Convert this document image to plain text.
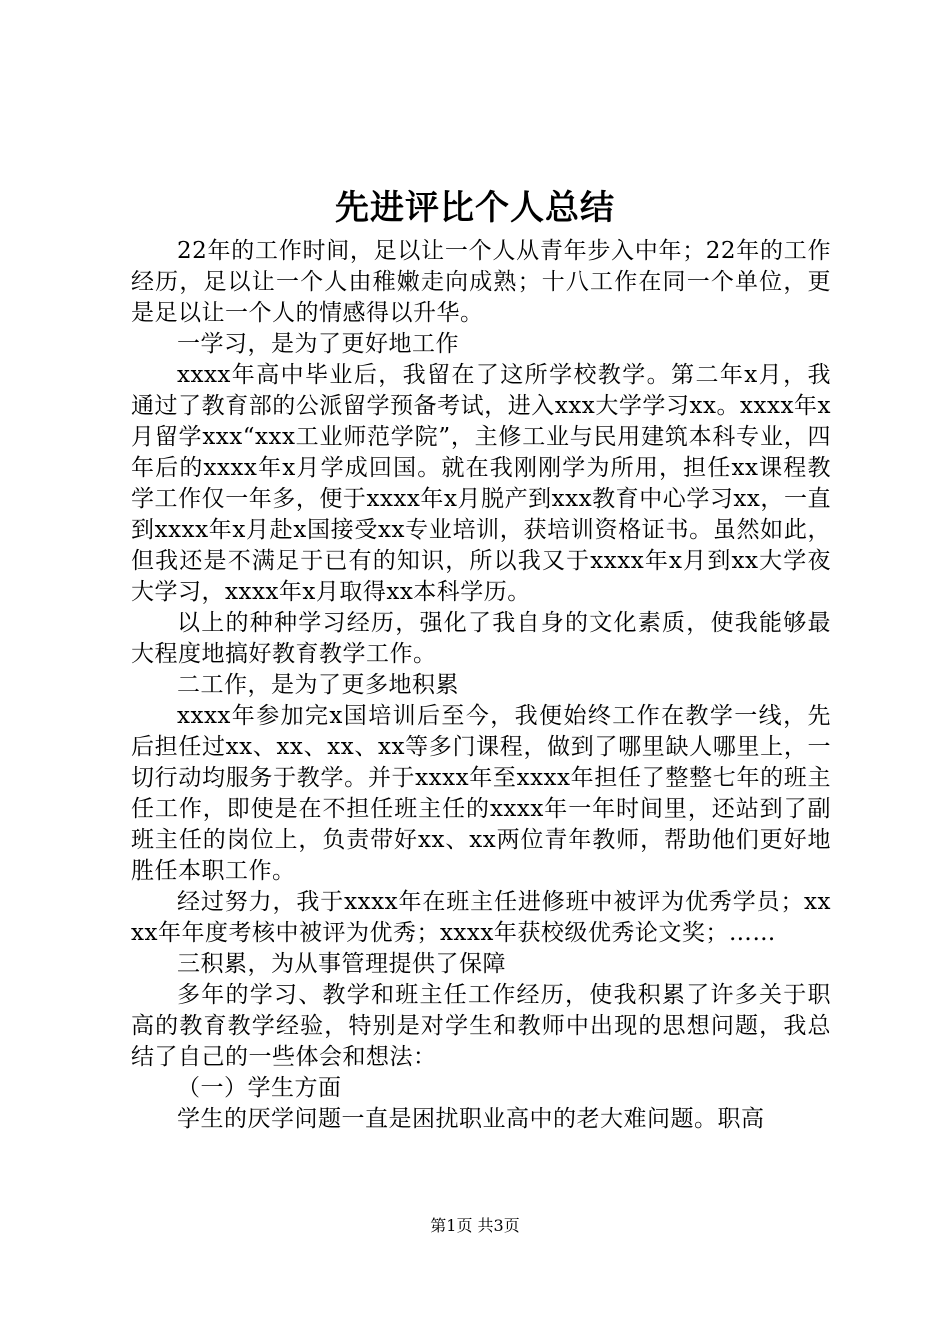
先进评比个人总结

22年的工作时间，足以让一个人从青年步入中年；22年的工作经历，足以让一个人由稚嫩走向成熟；十八工作在同一个单位，更是足以让一个人的情感得以升华。

一学习，是为了更好地工作

xxxx年高中毕业后，我留在了这所学校教学。第二年x月，我通过了教育部的公派留学预备考试，进入xxx大学学习xx。xxxx年x月留学xxx“xxx工业师范学院”，主修工业与民用建筑本科专业，四年后的xxxx年x月学成回国。就在我刚刚学为所用，担任xx课程教学工作仅一年多，便于xxxx年x月脱产到xxx教育中心学习xx，一直到xxxx年x月赴x国接受xx专业培训，获培训资格证书。虽然如此，但我还是不满足于已有的知识，所以我又于xxxx年x月到xx大学夜大学习，xxxx年x月取得xx本科学历。

以上的种种学习经历，强化了我自身的文化素质，使我能够最大程度地搞好教育教学工作。

二工作，是为了更多地积累

xxxx年参加完x国培训后至今，我便始终工作在教学一线，先后担任过xx、xx、xx、xx等多门课程，做到了哪里缺人哪里上，一切行动均服务于教学。并于xxxx年至xxxx年担任了整整七年的班主任工作，即使是在不担任班主任的xxxx年一年时间里，还站到了副班主任的岗位上，负责带好xx、xx两位青年教师，帮助他们更好地胜任本职工作。

经过努力，我于xxxx年在班主任进修班中被评为优秀学员；xxxx年年度考核中被评为优秀；xxxx年获校级优秀论文奖；……

三积累，为从事管理提供了保障

多年的学习、教学和班主任工作经历，使我积累了许多关于职高的教育教学经验，特别是对学生和教师中出现的思想问题，我总结了自己的一些体会和想法：

（一）学生方面

学生的厌学问题一直是困扰职业高中的老大难问题。职高

第1页 共3页
